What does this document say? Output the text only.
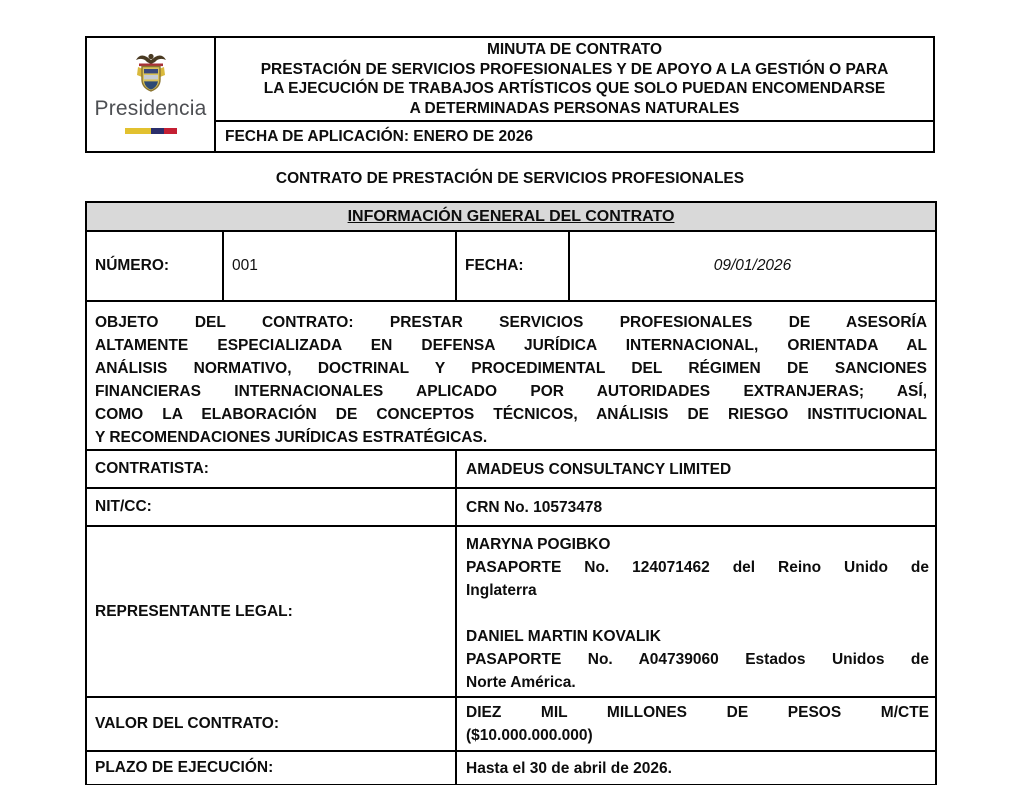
Presidencia

MINUTA DE CONTRATO
PRESTACIÓN DE SERVICIOS PROFESIONALES Y DE APOYO A LA GESTIÓN O PARA
LA EJECUCIÓN DE TRABAJOS ARTÍSTICOS QUE SOLO PUEDAN ENCOMENDARSE
A DETERMINADAS PERSONAS NATURALES

FECHA DE APLICACIÓN: ENERO DE 2026
CONTRATO DE PRESTACIÓN DE SERVICIOS PROFESIONALES
INFORMACIÓN GENERAL DEL CONTRATO			
NÚMERO:	001	FECHA:	09/01/2026

OBJETO DEL CONTRATO: PRESTAR SERVICIOS PROFESIONALES DE ASESORÍA
ALTAMENTE ESPECIALIZADA EN DEFENSA JURÍDICA INTERNACIONAL, ORIENTADA AL
ANÁLISIS NORMATIVO, DOCTRINAL Y PROCEDIMENTAL DEL RÉGIMEN DE SANCIONES
FINANCIERAS INTERNACIONALES APLICADO POR AUTORIDADES EXTRANJERAS; ASÍ,
COMO LA ELABORACIÓN DE CONCEPTOS TÉCNICOS, ANÁLISIS DE RIESGO INSTITUCIONAL
Y RECOMENDACIONES JURÍDICAS ESTRATÉGICAS.

CONTRATISTA:		AMADEUS CONSULTANCY LIMITED	
NIT/CC:		CRN No. 10573478	
REPRESENTANTE LEGAL:	
MARYNA POGIBKO
PASAPORTE No. 124071462 del Reino Unido de
Inglaterra

DANIEL MARTIN KOVALIK
PASAPORTE No. A04739060 Estados Unidos de
Norte América.

VALOR DEL CONTRATO:		DIEZ MIL MILLONES DE PESOS M/CTE
($10.000.000.000)	

PLAZO DE EJECUCIÓN:		Hasta el 30 de abril de 2026.	
